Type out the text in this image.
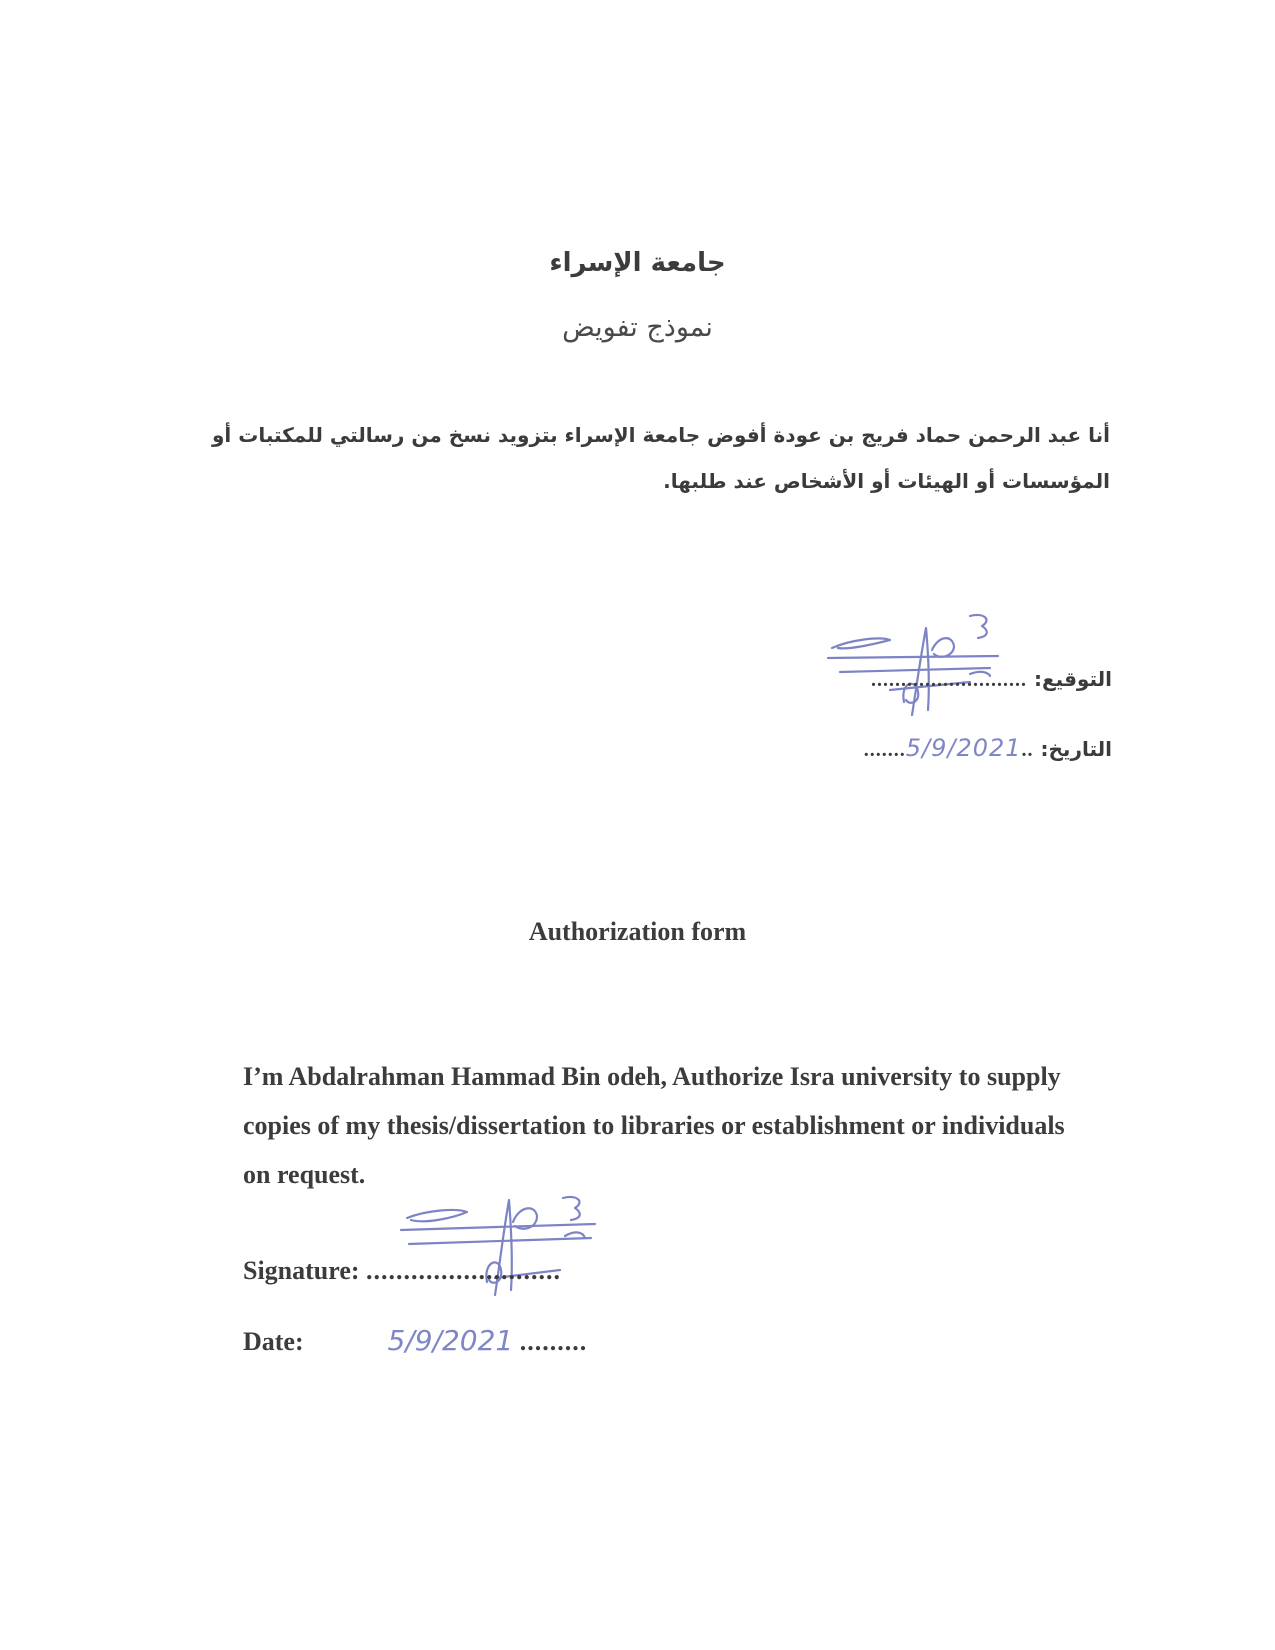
جامعة الإسراء
نموذج تفويض
أنا عبد الرحمن حماد فريج بن عودة أفوض جامعة الإسراء بتزويد نسخ من رسالتي للمكتبات أو
المؤسسات أو الهيئات أو الأشخاص عند طلبها.
التوقيع: ..........................
التاريخ: .......5/9/2021..
Authorization form
I’m Abdalrahman Hammad Bin odeh, Authorize Isra university to supply
copies of my thesis/dissertation to libraries or establishment or individuals
on request.
Signature: ..........................
Date:	5/9/2021 .........
